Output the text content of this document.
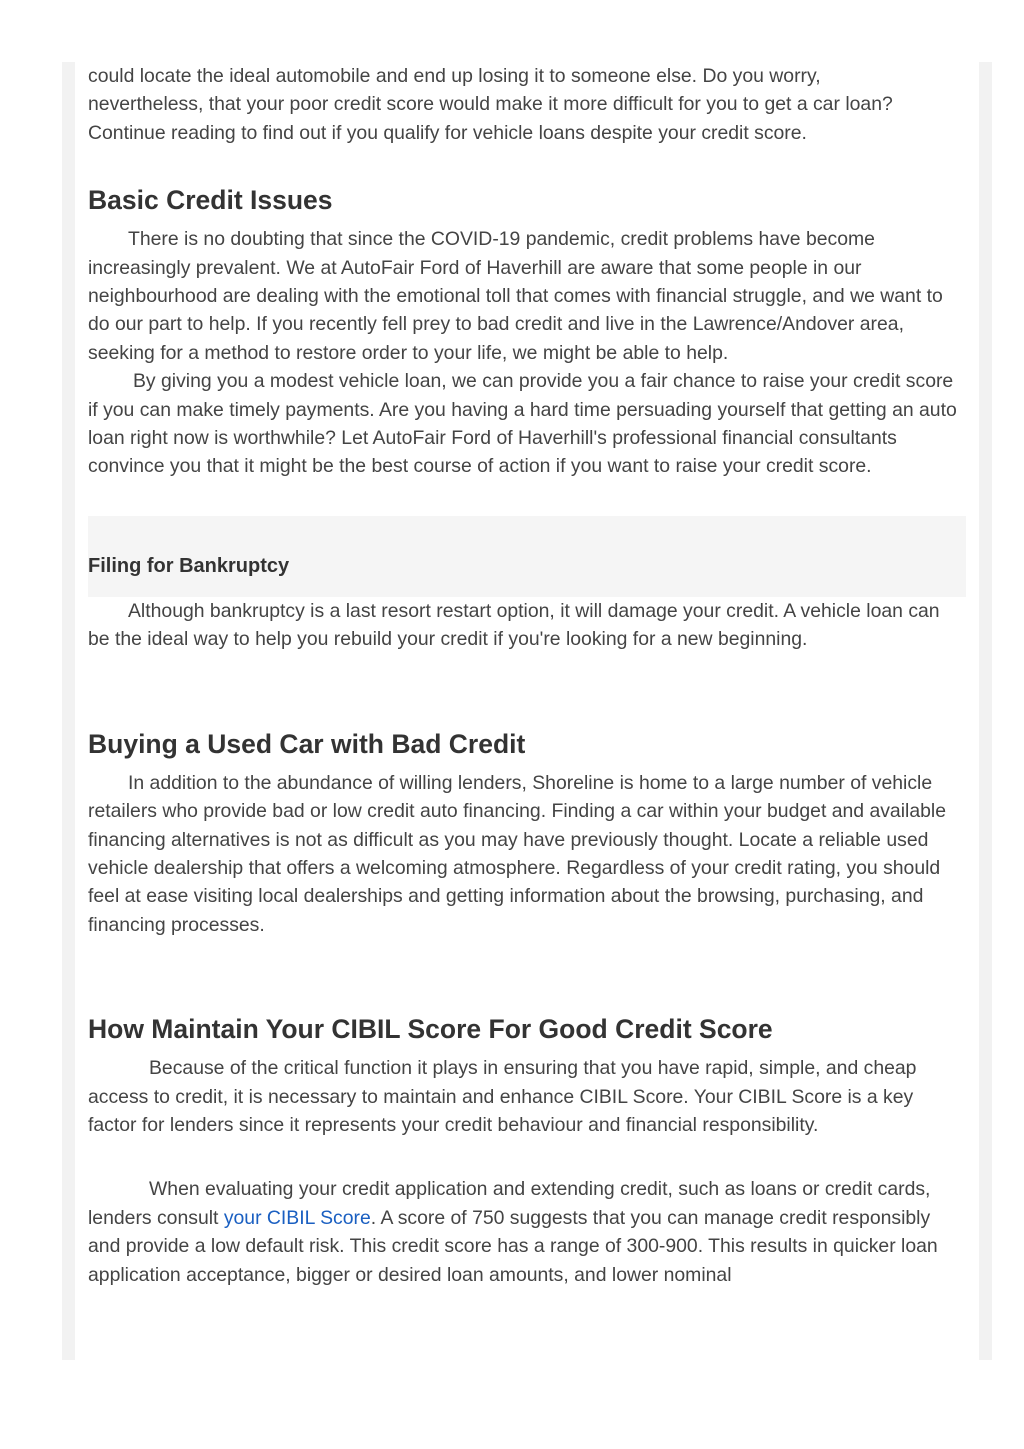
could locate the ideal automobile and end up losing it to someone else. Do you worry,

nevertheless, that your poor credit score would make it more difficult for you to get a car loan?

Continue reading to find out if you qualify for vehicle loans despite your credit score.

Basic Credit Issues

There is no doubting that since the COVID-19 pandemic, credit problems have become increasingly prevalent. We at AutoFair Ford of Haverhill are aware that some people in our neighbourhood are dealing with the emotional toll that comes with financial struggle, and we want to do our part to help. If you recently fell prey to bad credit and live in the Lawrence/Andover area, seeking for a method to restore order to your life, we might be able to help.

By giving you a modest vehicle loan, we can provide you a fair chance to raise your credit score if you can make timely payments. Are you having a hard time persuading yourself that getting an auto loan right now is worthwhile? Let AutoFair Ford of Haverhill's professional financial consultants convince you that it might be the best course of action if you want to raise your credit score.

Filing for Bankruptcy

Although bankruptcy is a last resort restart option, it will damage your credit. A vehicle loan can be the ideal way to help you rebuild your credit if you're looking for a new beginning.

Buying a Used Car with Bad Credit

In addition to the abundance of willing lenders, Shoreline is home to a large number of vehicle retailers who provide bad or low credit auto financing. Finding a car within your budget and available financing alternatives is not as difficult as you may have previously thought. Locate a reliable used vehicle dealership that offers a welcoming atmosphere. Regardless of your credit rating, you should feel at ease visiting local dealerships and getting information about the browsing, purchasing, and financing processes.

How Maintain Your CIBIL Score For Good Credit Score

Because of the critical function it plays in ensuring that you have rapid, simple, and cheap access to credit, it is necessary to maintain and enhance CIBIL Score. Your CIBIL Score is a key factor for lenders since it represents your credit behaviour and financial responsibility.

When evaluating your credit application and extending credit, such as loans or credit cards, lenders consult your CIBIL Score. A score of 750 suggests that you can manage credit responsibly and provide a low default risk. This credit score has a range of 300-900. This results in quicker loan application acceptance, bigger or desired loan amounts, and lower nominal
